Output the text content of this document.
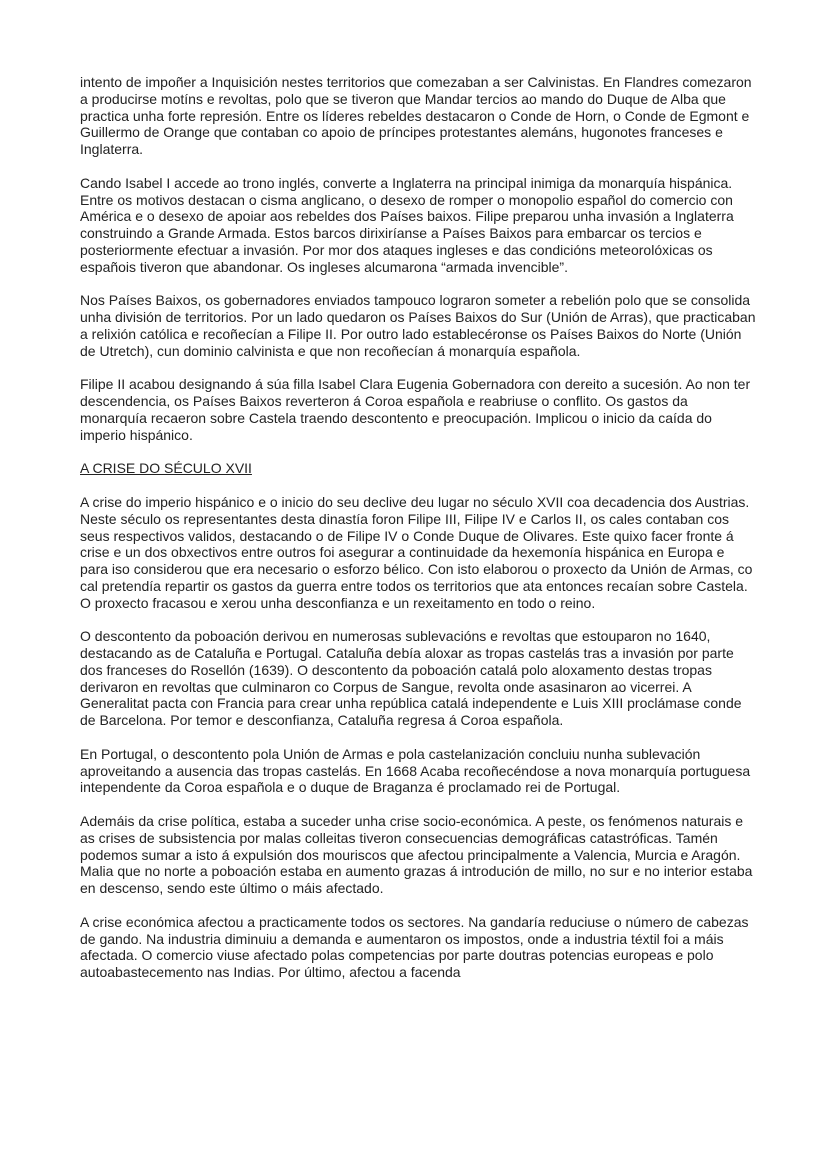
intento de impoñer a Inquisición nestes territorios que comezaban a ser Calvinistas. En Flandres comezaron a producirse motíns e revoltas, polo que se tiveron que Mandar tercios ao mando do Duque de Alba que practica unha forte represión. Entre os líderes rebeldes destacaron o Conde de Horn, o Conde de Egmont e Guillermo de Orange que contaban co apoio de príncipes protestantes alemáns, hugonotes franceses e Inglaterra.

Cando Isabel I accede ao trono inglés, converte a Inglaterra na principal inimiga da monarquía hispánica. Entre os motivos destacan o cisma anglicano, o desexo de romper o monopolio español do comercio con América e o desexo de apoiar aos rebeldes dos Países baixos. Filipe preparou unha invasión a Inglaterra construindo a Grande Armada. Estos barcos dirixiríanse a Países Baixos para embarcar os tercios e posteriormente efectuar a invasión. Por mor dos ataques ingleses e das condicións meteorolóxicas os españois tiveron que abandonar. Os ingleses alcumarona “armada invencible”.

Nos Países Baixos, os gobernadores enviados tampouco lograron someter a rebelión polo que se consolida unha división de territorios. Por un lado quedaron os Países Baixos do Sur (Unión de Arras), que practicaban a relixión católica e recoñecían a Filipe II. Por outro lado establecéronse os Países Baixos do Norte (Unión de Utretch), cun dominio calvinista e que non recoñecían á monarquía española.

Filipe II acabou designando á súa filla Isabel Clara Eugenia Gobernadora con dereito a sucesión. Ao non ter descendencia, os Países Baixos reverteron á Coroa española e reabriuse o conflito. Os gastos da monarquía recaeron sobre Castela traendo descontento e preocupación. Implicou o inicio da caída do imperio hispánico.

A CRISE DO SÉCULO XVII

A crise do imperio hispánico e o inicio do seu declive deu lugar no século XVII coa decadencia dos Austrias. Neste século os representantes desta dinastía foron Filipe III, Filipe IV e Carlos II, os cales contaban cos seus respectivos validos, destacando o de Filipe IV o Conde Duque de Olivares. Este quixo facer fronte á crise e un dos obxectivos entre outros foi asegurar a continuidade da hexemonía hispánica en Europa e para iso considerou que era necesario o esforzo bélico. Con isto elaborou o proxecto da Unión de Armas, co cal pretendía repartir os gastos da guerra entre todos os territorios que ata entonces recaían sobre Castela. O proxecto fracasou e xerou unha desconfianza e un rexeitamento en todo o reino.

O descontento da poboación derivou en numerosas sublevacións e revoltas que estouparon no 1640, destacando as de Cataluña e Portugal. Cataluña debía aloxar as tropas castelás tras a invasión por parte dos franceses do Rosellón (1639). O descontento da poboación catalá polo aloxamento destas tropas derivaron en revoltas que culminaron co Corpus de Sangue, revolta onde asasinaron ao vicerrei. A Generalitat pacta con Francia para crear unha república catalá independente e Luis XIII proclámase conde de Barcelona. Por temor e desconfianza, Cataluña regresa á Coroa española.

En Portugal, o descontento pola Unión de Armas e pola castelanización concluiu nunha sublevación aproveitando a ausencia das tropas castelás. En 1668 Acaba recoñecéndose a nova monarquía portuguesa intependente da Coroa española e o duque de Braganza é proclamado rei de Portugal.

Ademáis da crise política, estaba a suceder unha crise socio-económica. A peste, os fenómenos naturais e as crises de subsistencia por malas colleitas tiveron consecuencias demográficas catastróficas. Tamén podemos sumar a isto á expulsión dos mouriscos que afectou principalmente a Valencia, Murcia e Aragón. Malia que no norte a poboación estaba en aumento grazas á introdución de millo, no sur e no interior estaba en descenso, sendo este último o máis afectado.

A crise económica afectou a practicamente todos os sectores. Na gandaría reduciuse o número de cabezas de gando. Na industria diminuiu a demanda e aumentaron os impostos, onde a industria téxtil foi a máis afectada. O comercio viuse afectado polas competencias por parte doutras potencias europeas e polo autoabastecemento nas Indias. Por último, afectou a facenda
